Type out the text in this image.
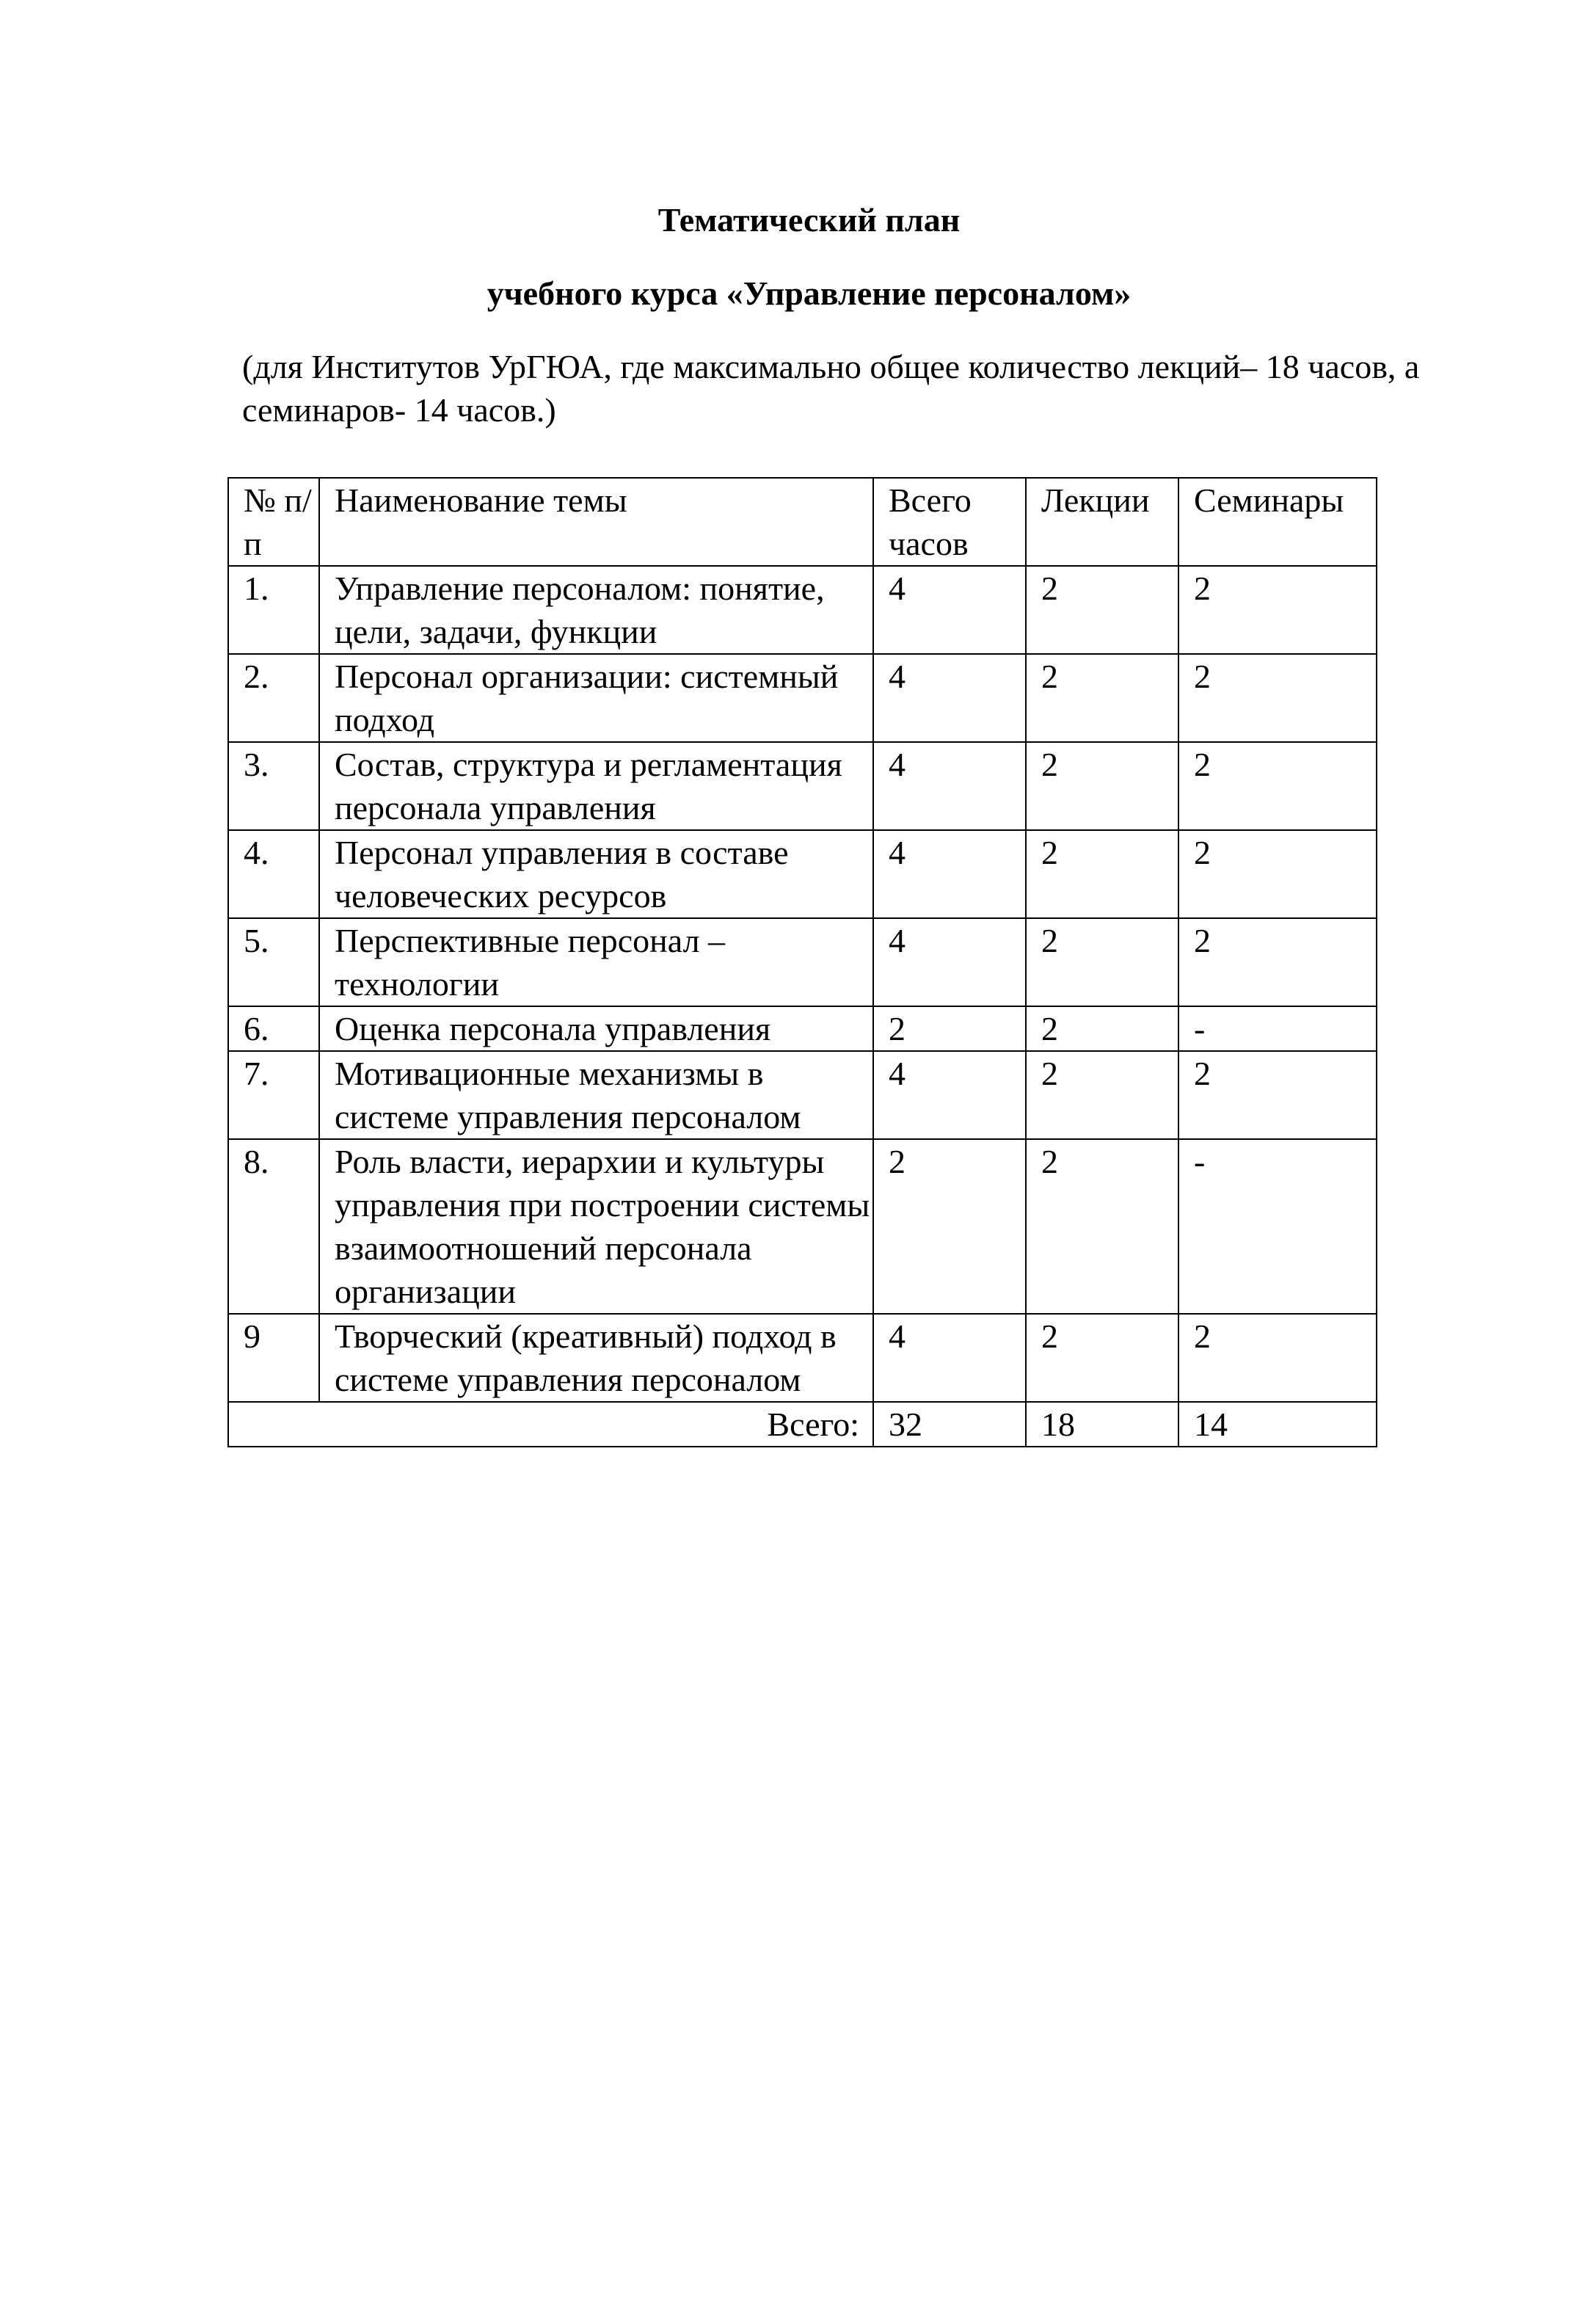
Тематический план
учебного курса «Управление персоналом»
(для Институтов УрГЮА, где максимально общее количество лекций– 18 часов, а семинаров- 14 часов.)
№ п/п	Наименование темы	Всего часов	Лекции	Семинары
1.	Управление персоналом: понятие, цели, задачи, функции	4	2	2
2.	Персонал организации: системный подход	4	2	2
3.	Состав, структура и регламентация персонала управления	4	2	2
4.	Персонал управления в составе человеческих ресурсов	4	2	2
5.	Перспективные персонал – технологии	4	2	2
6.	Оценка персонала управления	2	2	-
7.	Мотивационные механизмы в системе управления персоналом	4	2	2
8.	Роль власти, иерархии и культуры управления при построении системы взаимоотношений персонала организации	2	2	-
9	Творческий (креативный) подход в системе управления персоналом	4	2	2
Всего:		32	18	14
